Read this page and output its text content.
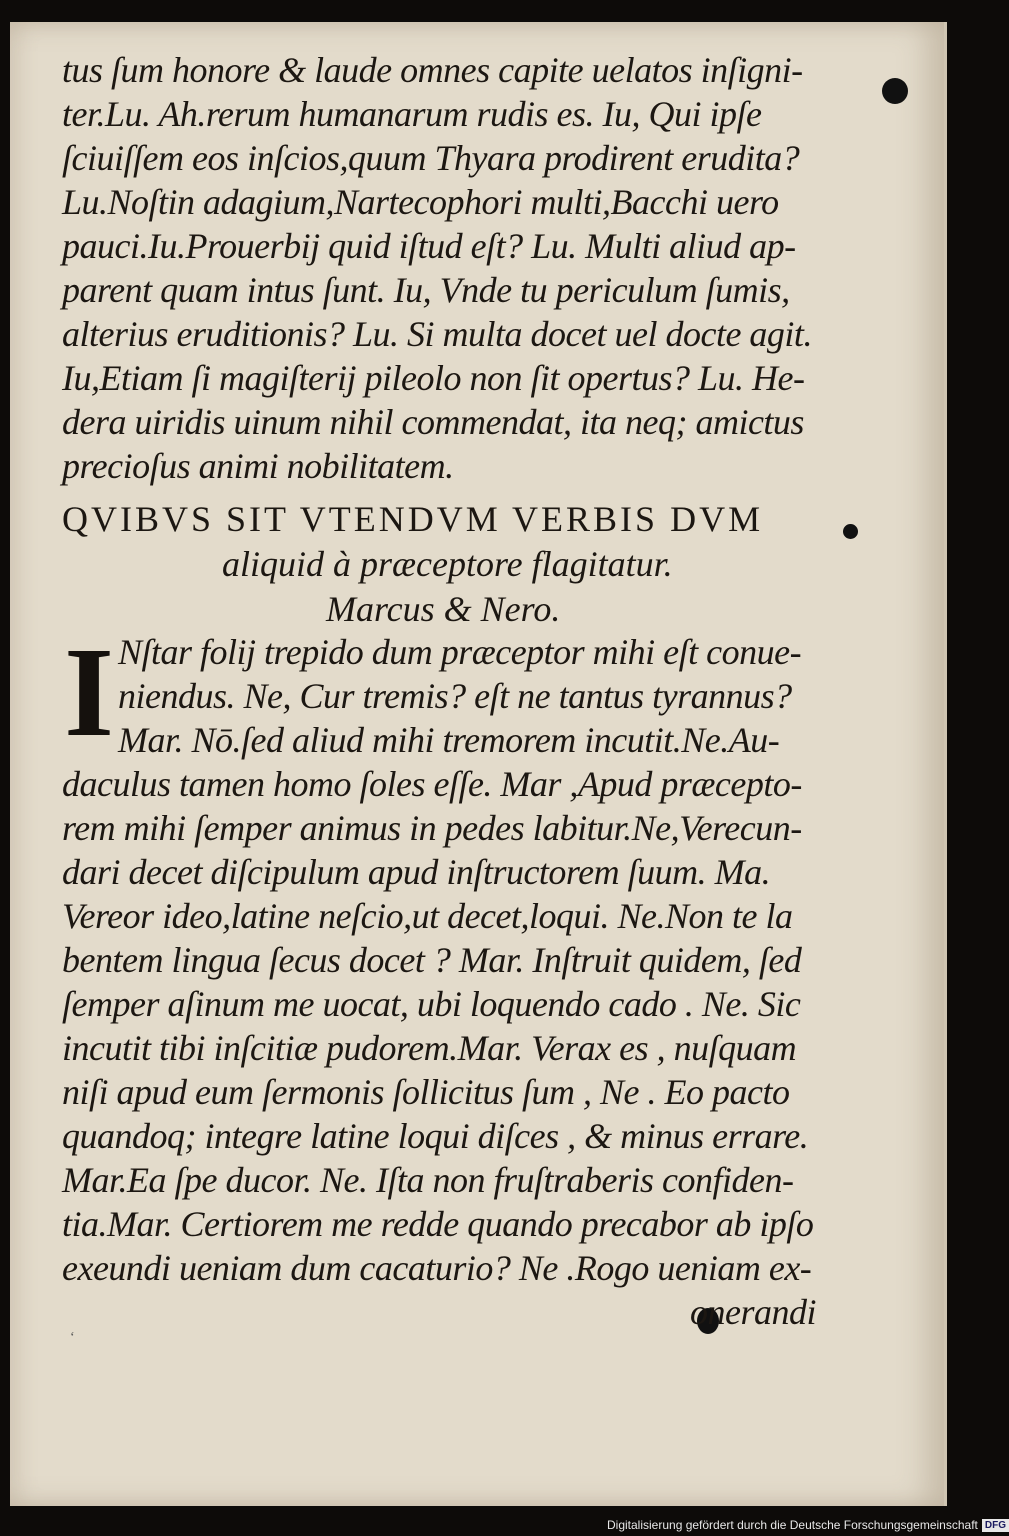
tus ſum honore & laude omnes capite uelatos inſigni-
ter.Lu. Ah.rerum humanarum rudis es. Iu, Qui ipſe
ſciuiſſem eos inſcios,quum Thyara prodirent erudita?
Lu.Noſtin adagium,Nartecophori multi,Bacchi uero
pauci.Iu.Prouerbij quid iſtud eſt? Lu. Multi aliud ap-
parent quam intus ſunt. Iu, Vnde tu periculum ſumis,
alterius eruditionis? Lu. Si multa docet uel docte agit.
Iu,Etiam ſi magiſterij pileolo non ſit opertus? Lu. He-
dera uiridis uinum nihil commendat, ita neq; amictus
precioſus animi nobilitatem.
QVIBVS SIT VTENDVM VERBIS DVM
aliquid à præceptore flagitatur.
Marcus & Nero.
I Nſtar folij trepido dum præceptor mihi eſt conue-
niendus. Ne, Cur tremis? eſt ne tantus tyrannus?
Mar. Nō.ſed aliud mihi tremorem incutit.Ne.Au-
daculus tamen homo ſoles eſſe. Mar ,Apud præcepto-
rem mihi ſemper animus in pedes labitur.Ne,Verecun-
dari decet diſcipulum apud inſtructorem ſuum. Ma.
Vereor ideo,latine neſcio,ut decet,loqui. Ne.Non te la
bentem lingua ſecus docet ? Mar. Inſtruit quidem, ſed
ſemper aſinum me uocat, ubi loquendo cado . Ne. Sic
incutit tibi inſcitiæ pudorem.Mar. Verax es , nuſquam
niſi apud eum ſermonis ſollicitus ſum , Ne . Eo pacto
quandoq; integre latine loqui diſces , & minus errare.
Mar.Ea ſpe ducor. Ne. Iſta non fruſtraberis confiden-
tia.Mar. Certiorem me redde quando precabor ab ipſo
exeundi ueniam dum cacaturio? Ne .Rogo ueniam ex-
onerandi
‘
Digitalisierung gefördert durch die Deutsche Forschungsgemeinschaft DFG
